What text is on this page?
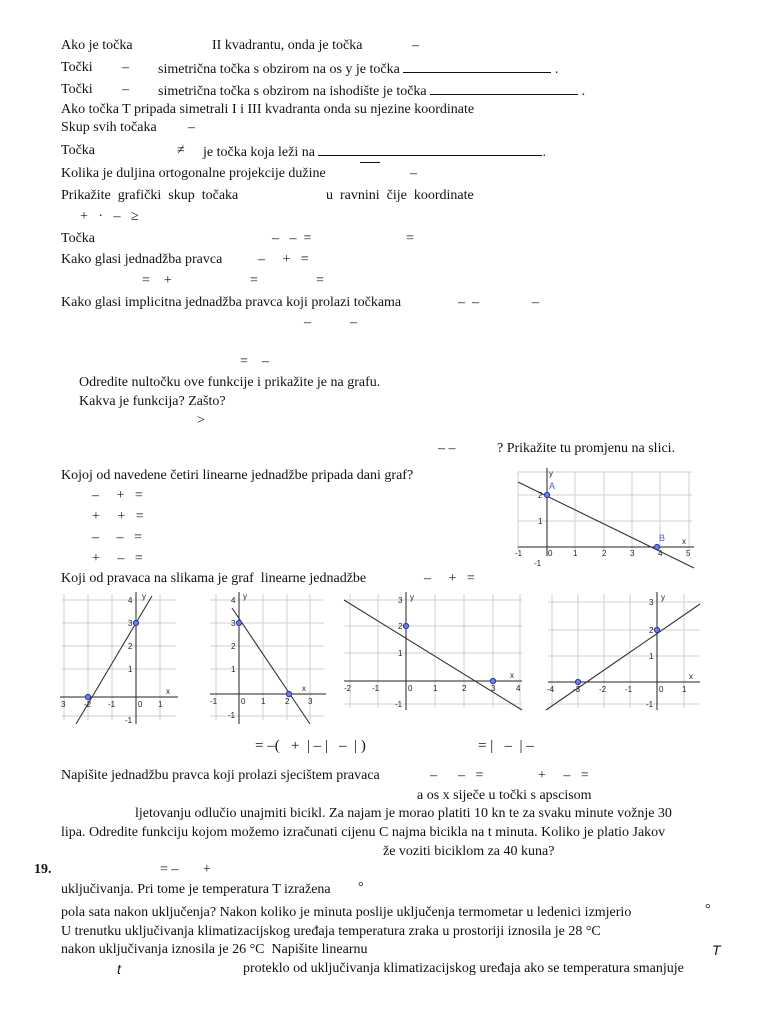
Ako je točka	II kvadrantu, onda je točka	–
Točki – simetrična točka s obzirom na os y je točka	.
Točki – simetrična točka s obzirom na ishodište je točka	.
Ako točka T pripada simetrali I i III kvadranta onda su njezine koordinate
Skup svih točaka –
Točka	≠ je točka koja leži na	.
Kolika je duljina ortogonalne projekcije dužine	–
Prikažite  grafički  skup  točaka	u  ravnini  čije  koordinate
+   ·   –   ≥
Točka	–   –  =	=
Kako glasi jednadžba pravca	–     +   =
=    +	=	=
Kako glasi implicitna jednadžba pravca koji prolazi točkama	–  –	–
–	–
=    –
Odredite nultočku ove funkcije i prikažite je na grafu.
Kakva je funkcija? Zašto?
>
– –	? Prikažite tu promjenu na slici.
Kojoj od navedene četiri linearne jednadžbe pripada dani graf?
–     +   =
+     +   =
–     –   =
+     –   =
Koji od pravaca na slikama je graf  linearne jednadžbe	–     +   =
= –(   +  | – |   –  | )	= |   –  | –
Napišite jednadžbu pravca koji prolazi sjecištem pravaca	–      –   =	+     –   =
a os x siječe u točki s apscisom
ljetovanju odlučio unajmiti bicikl. Za najam je morao platiti 10 kn te za svaku minute vožnje 30
lipa. Odredite funkciju kojom možemo izračunati cijenu C najma bicikla na t minuta. Koliko je platio Jakov
že voziti biciklom za 40 kuna?
19.	= –       +
uključivanja. Pri tome je temperatura T izražena °
pola sata nakon uključenja? Nakon koliko je minuta poslije uključenja termometar u ledenici izmjerio	°
U trenutku uključivanja klimatizacijskog uređaja temperatura zraka u prostoriji iznosila je 28 °C
nakon uključivanja iznosila je 26 °C  Napišite linearnu	T
t	proteklo od uključivanja klimatizacijskog uređaja ako se temperatura smanjuje
A
B
y
x
-1	0	1	2	3	4	5
2
1
-1
y
x
3 -2 -1	0 1
4
3
2
1
-1
y
x
-1	0 1 2 3
4
3
2
1
-1
y
x
-2	-1	0	1	2	3	4
3
2
1
-1
y
x
-4 -3 -2 -1	0 1
3
2
1
-1
